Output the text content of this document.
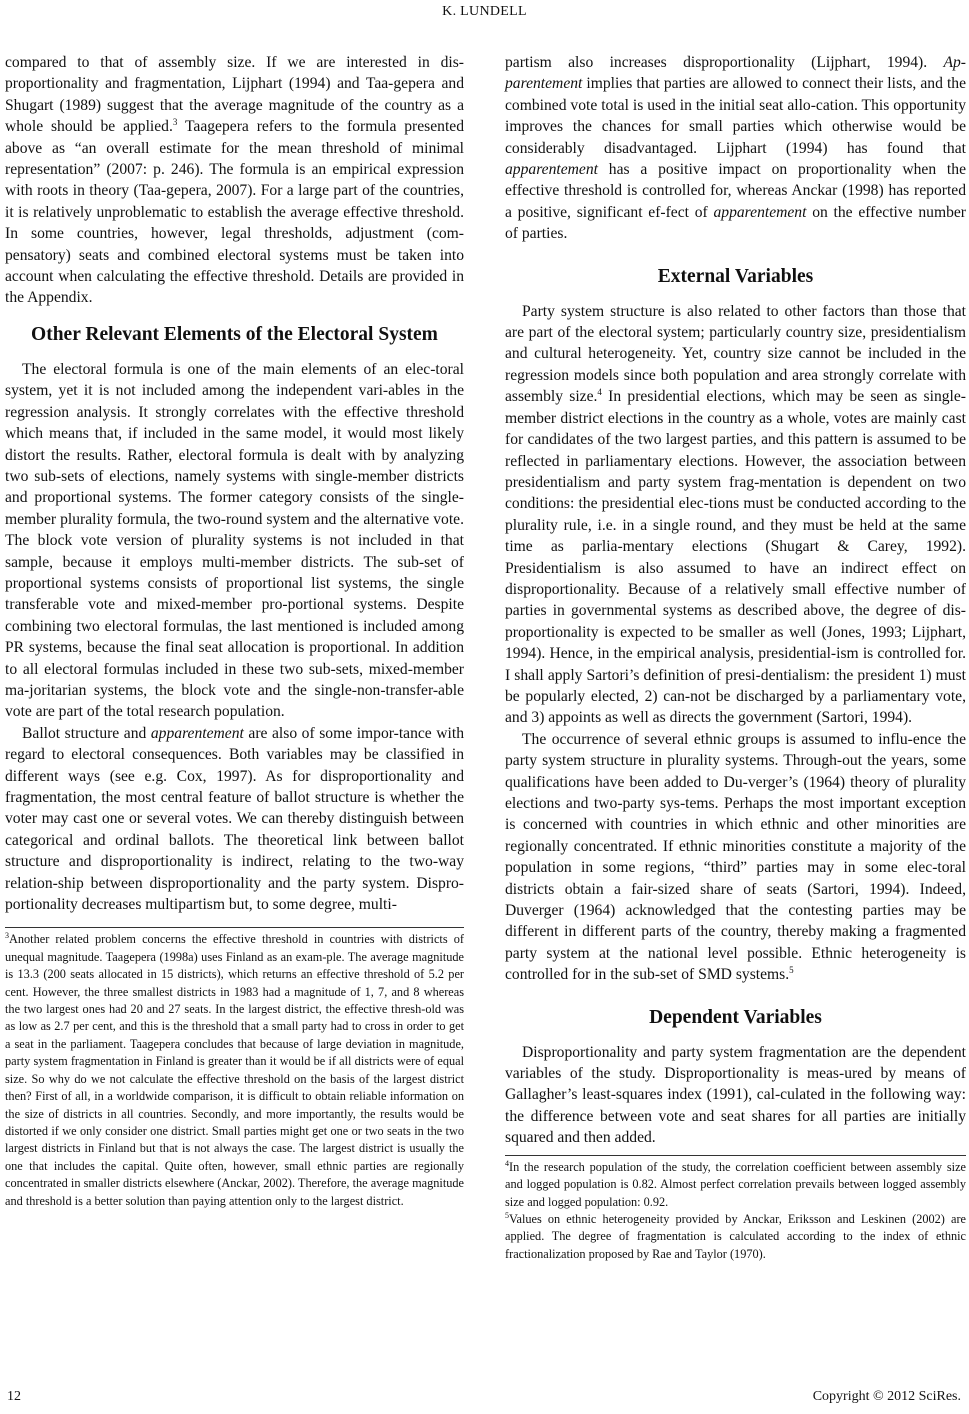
K. LUNDELL

compared to that of assembly size. If we are interested in dis-proportionality and fragmentation, Lijphart (1994) and Taa-gepera and Shugart (1989) suggest that the average magnitude of the country as a whole should be applied.$^3$ Taagepera refers to the formula presented above as “an overall estimate for the mean threshold of minimal representation” (2007: p. 246). The formula is an empirical expression with roots in theory (Taa-gepera, 2007). For a large part of the countries, it is relatively unproblematic to establish the average effective threshold. In some countries, however, legal thresholds, adjustment (com-pensatory) seats and combined electoral systems must be taken into account when calculating the effective threshold. Details are provided in the Appendix.

Other Relevant Elements of the Electoral System

The electoral formula is one of the main elements of an elec-toral system, yet it is not included among the independent vari-ables in the regression analysis. It strongly correlates with the effective threshold which means that, if included in the same model, it would most likely distort the results. Rather, electoral formula is dealt with by analyzing two sub-sets of elections, namely systems with single-member districts and proportional systems. The former category consists of the single-member plurality formula, the two-round system and the alternative vote. The block vote version of plurality systems is not included in that sample, because it employs multi-member districts. The sub-set of proportional systems consists of proportional list systems, the single transferable vote and mixed-member pro-portional systems. Despite combining two electoral formulas, the last mentioned is included among PR systems, because the final seat allocation is proportional. In addition to all electoral formulas included in these two sub-sets, mixed-member ma-joritarian systems, the block vote and the single-non-transfer-able vote are part of the total research population.

Ballot structure and apparentement are also of some impor-tance with regard to electoral consequences. Both variables may be classified in different ways (see e.g. Cox, 1997). As for disproportionality and fragmentation, the most central feature of ballot structure is whether the voter may cast one or several votes. We can thereby distinguish between categorical and ordinal ballots. The theoretical link between ballot structure and disproportionality is indirect, relating to the two-way relation-ship between disproportionality and the party system. Dispro-portionality decreases multipartism but, to some degree, multi-

$^3$Another related problem concerns the effective threshold in countries with districts of unequal magnitude. Taagepera (1998a) uses Finland as an exam-ple. The average magnitude is 13.3 (200 seats allocated in 15 districts), which returns an effective threshold of 5.2 per cent. However, the three smallest districts in 1983 had a magnitude of 1, 7, and 8 whereas the two largest ones had 20 and 27 seats. In the largest district, the effective thresh-old was as low as 2.7 per cent, and this is the threshold that a small party had to cross in order to get a seat in the parliament. Taagepera concludes that because of large deviation in magnitude, party system fragmentation in Finland is greater than it would be if all districts were of equal size. So why do we not calculate the effective threshold on the basis of the largest district then? First of all, in a worldwide comparison, it is difficult to obtain reliable information on the size of districts in all countries. Secondly, and more importantly, the results would be distorted if we only consider one district. Small parties might get one or two seats in the two largest districts in Finland but that is not always the case. The largest district is usually the one that includes the capital. Quite often, however, small ethnic parties are regionally concentrated in smaller districts elsewhere (Anckar, 2002). Therefore, the average magnitude and threshold is a better solution than paying attention only to the largest district.

partism also increases disproportionality (Lijphart, 1994). Ap-parentement implies that parties are allowed to connect their lists, and the combined vote total is used in the initial seat allo-cation. This opportunity improves the chances for small parties which otherwise would be considerably disadvantaged. Lijphart (1994) has found that apparentement has a positive impact on proportionality when the effective threshold is controlled for, whereas Anckar (1998) has reported a positive, significant ef-fect of apparentement on the effective number of parties.

External Variables

Party system structure is also related to other factors than those that are part of the electoral system; particularly country size, presidentialism and cultural heterogeneity. Yet, country size cannot be included in the regression models since both population and area strongly correlate with assembly size.$^4$ In presidential elections, which may be seen as single-member district elections in the country as a whole, votes are mainly cast for candidates of the two largest parties, and this pattern is assumed to be reflected in parliamentary elections. However, the association between presidentialism and party system frag-mentation is dependent on two conditions: the presidential elec-tions must be conducted according to the plurality rule, i.e. in a single round, and they must be held at the same time as parlia-mentary elections (Shugart & Carey, 1992). Presidentialism is also assumed to have an indirect effect on disproportionality. Because of a relatively small effective number of parties in governmental systems as described above, the degree of dis-proportionality is expected to be smaller as well (Jones, 1993; Lijphart, 1994). Hence, in the empirical analysis, presidential-ism is controlled for. I shall apply Sartori’s definition of presi-dentialism: the president 1) must be popularly elected, 2) can-not be discharged by a parliamentary vote, and 3) appoints as well as directs the government (Sartori, 1994).

The occurrence of several ethnic groups is assumed to influ-ence the party system structure in plurality systems. Through-out the years, some qualifications have been added to Du-verger’s (1964) theory of plurality elections and two-party sys-tems. Perhaps the most important exception is concerned with countries in which ethnic and other minorities are regionally concentrated. If ethnic minorities constitute a majority of the population in some regions, “third” parties may in some elec-toral districts obtain a fair-sized share of seats (Sartori, 1994). Indeed, Duverger (1964) acknowledged that the contesting parties may be different in different parts of the country, thereby making a fragmented party system at the national level possible. Ethnic heterogeneity is controlled for in the sub-set of SMD systems.$^5$

Dependent Variables

Disproportionality and party system fragmentation are the dependent variables of the study. Disproportionality is meas-ured by means of Gallagher’s least-squares index (1991), cal-culated in the following way: the difference between vote and seat shares for all parties are initially squared and then added.

$^4$In the research population of the study, the correlation coefficient between assembly size and logged population is 0.82. Almost perfect correlation prevails between logged assembly size and logged population: 0.92.

$^5$Values on ethnic heterogeneity provided by Anckar, Eriksson and Leskinen (2002) are applied. The degree of fragmentation is calculated according to the index of ethnic fractionalization proposed by Rae and Taylor (1970).

12	Copyright © 2012 SciRes.
